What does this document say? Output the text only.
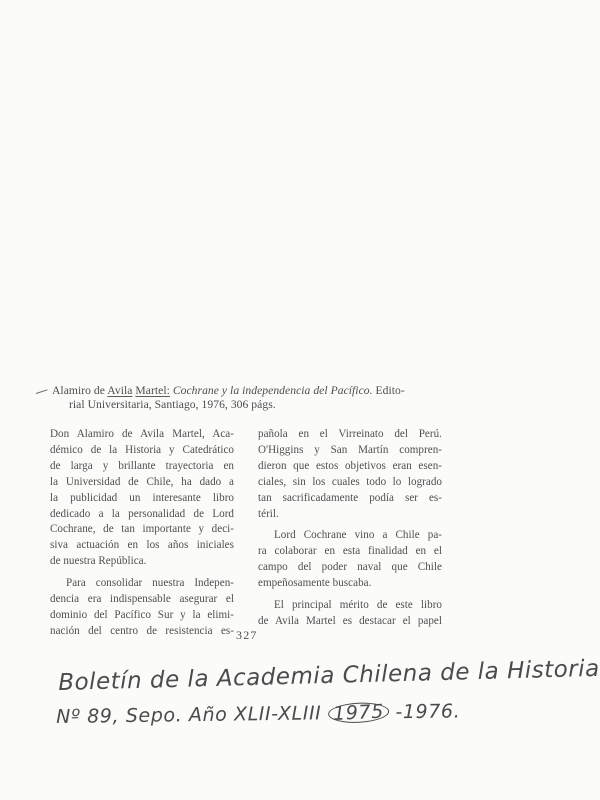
Alamiro de Avila Martel: Cochrane y la independencia del Pacífico. Edito-
rial Universitaria, Santiago, 1976, 306 págs.
Don Alamiro de Avila Martel, Aca-
démico de la Historia y Catedrático
de larga y brillante trayectoria en
la Universidad de Chile, ha dado a
la publicidad un interesante libro
dedicado a la personalidad de Lord
Cochrane, de tan importante y deci-
siva actuación en los años iniciales
de nuestra República.
Para consolidar nuestra Indepen-
dencia era indispensable asegurar el
dominio del Pacífico Sur y la elimi-
nación del centro de resistencia es-
pañola en el Virreinato del Perú.
O'Higgins y San Martín compren-
dieron que estos objetivos eran esen-
ciales, sin los cuales todo lo logrado
tan sacrificadamente podía ser es-
téril.
Lord Cochrane vino a Chile pa-
ra colaborar en esta finalidad en el
campo del poder naval que Chile
empeñosamente buscaba.
El principal mérito de este libro
de Avila Martel es destacar el papel
327
Boletín de la Academia Chilena de la Historia
Nº 89, Sepo. Año XLII-XLIII 1975 -1976.
